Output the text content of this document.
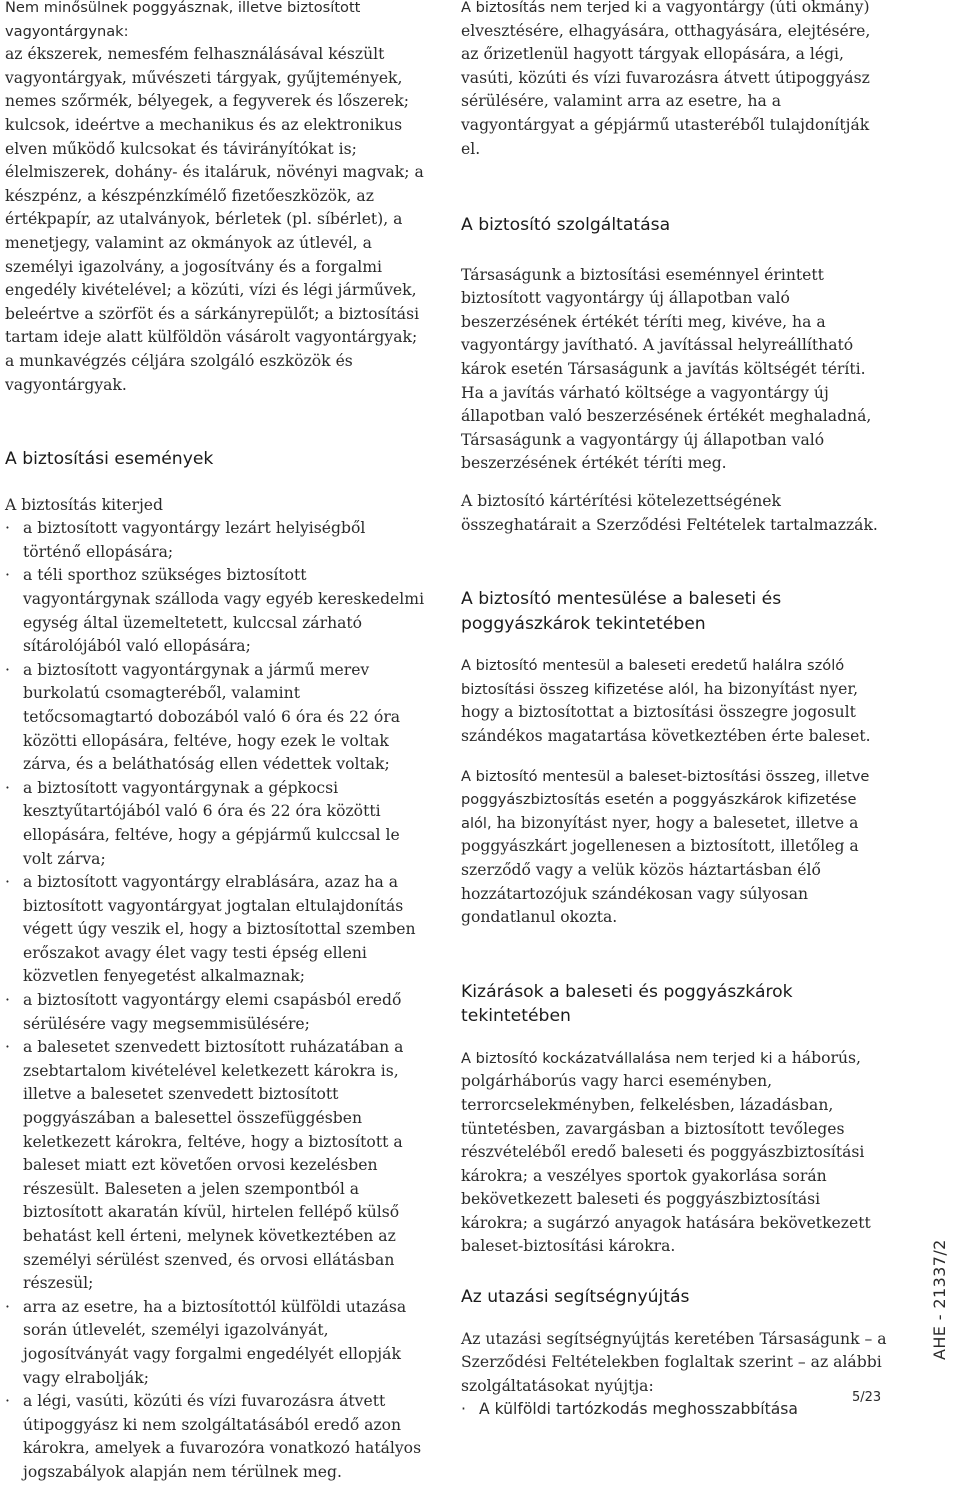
Nem minősülnek poggyásznak, illetve biztosított vagyontárgynak:

az ékszerek, nemesfém felhasználásával készült vagyontárgyak, művészeti tárgyak, gyűjtemények, nemes szőrmék, bélyegek, a fegyverek és lőszerek; kulcsok, ideértve a mechanikus és az elektronikus elven működő kulcsokat és távirányítókat is; élelmiszerek, dohány- és italáruk, növényi magvak; a készpénz, a készpénzkímélő fizetőeszközök, az értékpapír, az utalványok, bérletek (pl. síbérlet), a menetjegy, valamint az okmányok az útlevél, a személyi igazolvány, a jogosítvány és a forgalmi engedély kivételével; a közúti, vízi és légi járművek, beleértve a szörföt és a sárkányrepülőt; a biztosítási tartam ideje alatt külföldön vásárolt vagyontárgyak; a munkavégzés céljára szolgáló eszközök és vagyontárgyak.

A biztosítási események

A biztosítás kiterjed

· a biztosított vagyontárgy lezárt helyiségből történő ellopására;
· a téli sporthoz szükséges biztosított vagyontárgynak szálloda vagy egyéb kereskedelmi egység által üzemeltetett, kulccsal zárható sítárolójából való ellopására;
· a biztosított vagyontárgynak a jármű merev burkolatú csomagteréből, valamint tetőcsomagtartó dobozából való 6 óra és 22 óra közötti ellopására, feltéve, hogy ezek le voltak zárva, és a beláthatóság ellen védettek voltak;
· a biztosított vagyontárgynak a gépkocsi kesztyűtartójából való 6 óra és 22 óra közötti ellopására, feltéve, hogy a gépjármű kulccsal le volt zárva;
· a biztosított vagyontárgy elrablására, azaz ha a biztosított vagyontárgyat jogtalan eltulajdonítás végett úgy veszik el, hogy a biztosítottal szemben erőszakot avagy élet vagy testi épség elleni közvetlen fenyegetést alkalmaznak;
· a biztosított vagyontárgy elemi csapásból eredő sérülésére vagy megsemmisülésére;
· a balesetet szenvedett biztosított ruházatában a zsebtartalom kivételével keletkezett károkra is, illetve a balesetet szenvedett biztosított poggyászában a balesettel összefüggésben keletkezett károkra, feltéve, hogy a biztosított a baleset miatt ezt követően orvosi kezelésben részesült. Baleseten a jelen szempontból a biztosított akaratán kívül, hirtelen fellépő külső behatást kell érteni, melynek következtében az személyi sérülést szenved, és orvosi ellátásban részesül;
· arra az esetre, ha a biztosítottól külföldi utazása során útlevelét, személyi igazolványát, jogosítványát vagy forgalmi engedélyét ellopják vagy elrabolják;
· a légi, vasúti, közúti és vízi fuvarozásra átvett útipoggyász ki nem szolgáltatásából eredő azon károkra, amelyek a fuvarozóra vonatkozó hatályos jogszabályok alapján nem térülnek meg.

A biztosítás nem terjed ki a vagyontárgy (úti okmány) elvesztésére, elhagyására, otthagyására, elejtésére, az őrizetlenül hagyott tárgyak ellopására, a légi, vasúti, közúti és vízi fuvarozásra átvett útipoggyász sérülésére, valamint arra az esetre, ha a vagyontárgyat a gépjármű utasteréből tulajdonítják el.

A biztosító szolgáltatása

Társaságunk a biztosítási eseménnyel érintett biztosított vagyontárgy új állapotban való beszerzésének értékét téríti meg, kivéve, ha a vagyontárgy javítható. A javítással helyreállítható károk esetén Társaságunk a javítás költségét téríti. Ha a javítás várható költsége a vagyontárgy új állapotban való beszerzésének értékét meghaladná, Társaságunk a vagyontárgy új állapotban való beszerzésének értékét téríti meg.

A biztosító kártérítési kötelezettségének összeghatárait a Szerződési Feltételek tartalmazzák.

A biztosító mentesülése a baleseti és poggyászkárok tekintetében

A biztosító mentesül a baleseti eredetű halálra szóló biztosítási összeg kifizetése alól, ha bizonyítást nyer, hogy a biztosítottat a biztosítási összegre jogosult szándékos magatartása következtében érte baleset.

A biztosító mentesül a baleset-biztosítási összeg, illetve poggyászbiztosítás esetén a poggyászkárok kifizetése alól, ha bizonyítást nyer, hogy a balesetet, illetve a poggyászkárt jogellenesen a biztosított, illetőleg a szerződő vagy a velük közös háztartásban élő hozzátartozójuk szándékosan vagy súlyosan gondatlanul okozta.

Kizárások a baleseti és poggyászkárok tekintetében

A biztosító kockázatvállalása nem terjed ki a háborús, polgárháborús vagy harci eseményben, terrorcselekményben, felkelésben, lázadásban, tüntetésben, zavargásban a biztosított tevőleges részvételéből eredő baleseti és poggyászbiztosítási károkra; a veszélyes sportok gyakorlása során bekövetkezett baleseti és poggyászbiztosítási károkra; a sugárzó anyagok hatására bekövetkezett baleset-biztosítási károkra.

Az utazási segítségnyújtás

Az utazási segítségnyújtás keretében Társaságunk – a Szerződési Feltételekben foglaltak szerint – az alábbi szolgáltatásokat nyújtja:

· A külföldi tartózkodás meghosszabbítása
AHE - 21337/2
5/23
